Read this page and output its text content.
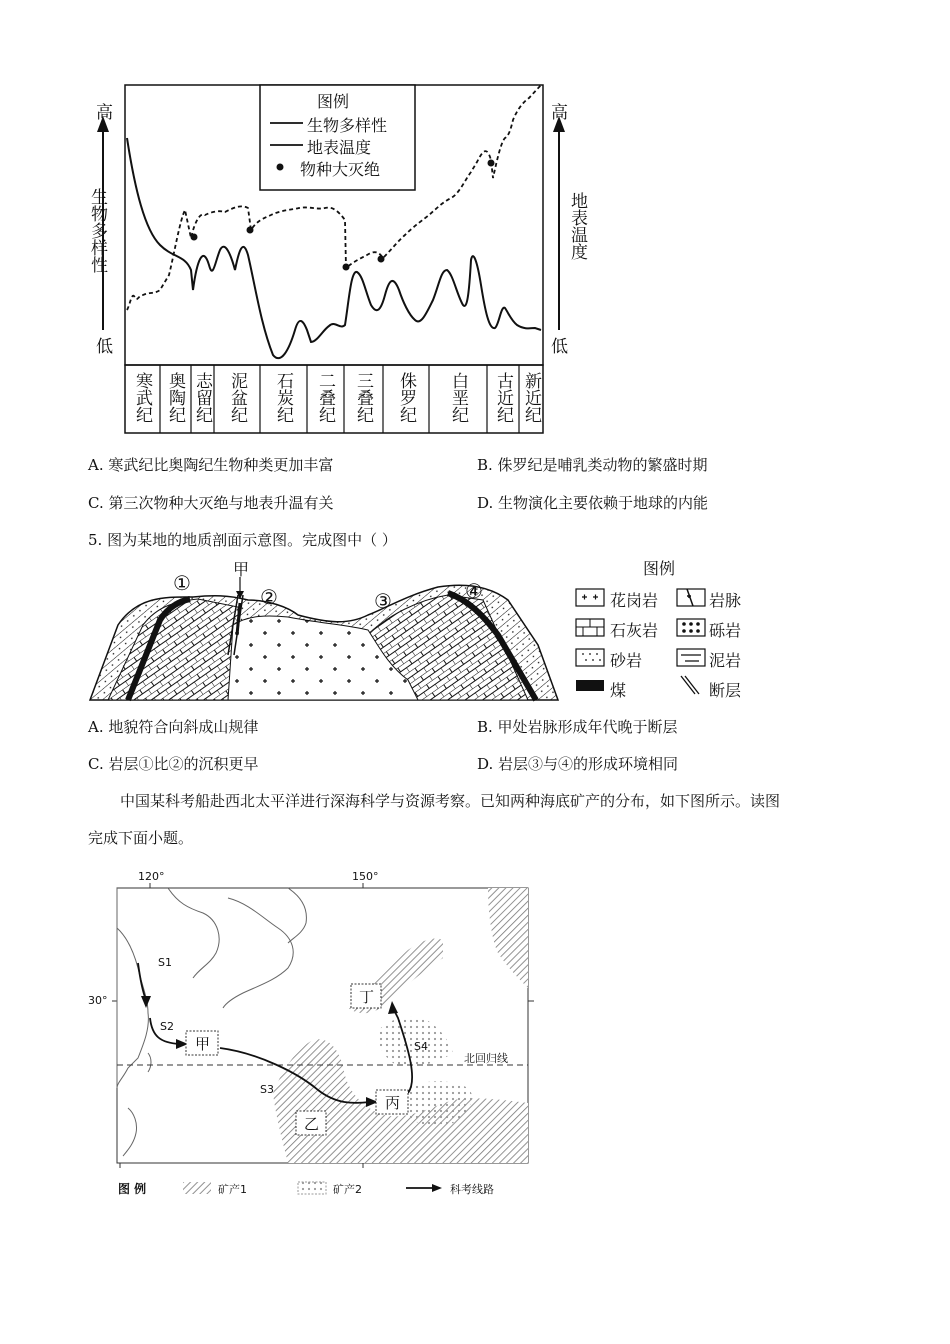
生物多样性	地表温度
高
低
高
低
图例
生物多样性
地表温度
物种大灭绝
寒武纪 奥陶纪 志留纪 泥盆纪 石炭纪 二叠纪 三叠纪 侏罗纪 白垩纪 古近纪 新近纪
A. 寒武纪比奥陶纪生物种类更加丰富	B. 侏罗纪是哺乳类动物的繁盛时期
C. 第三次物种大灭绝与地表升温有关	D. 生物演化主要依赖于地球的内能
5. 图为某地的地质剖面示意图。完成图中（ ）
①
甲
②	③	④
图例
花岗岩	岩脉
石灰岩	砾岩
砂岩	泥岩
煤	断层
A. 地貌符合向斜成山规律	B. 甲处岩脉形成年代晚于断层
C. 岩层①比②的沉积更早	D. 岩层③与④的形成环境相同
中国某科考船赴西北太平洋进行深海科学与资源考察。已知两种海底矿产的分布，如下图所示。读图
完成下面小题。
120°	150°
30°
S1
S2
S3
S4
甲
乙
丙
丁
北回归线
图 例	矿产1	矿产2	科考线路
